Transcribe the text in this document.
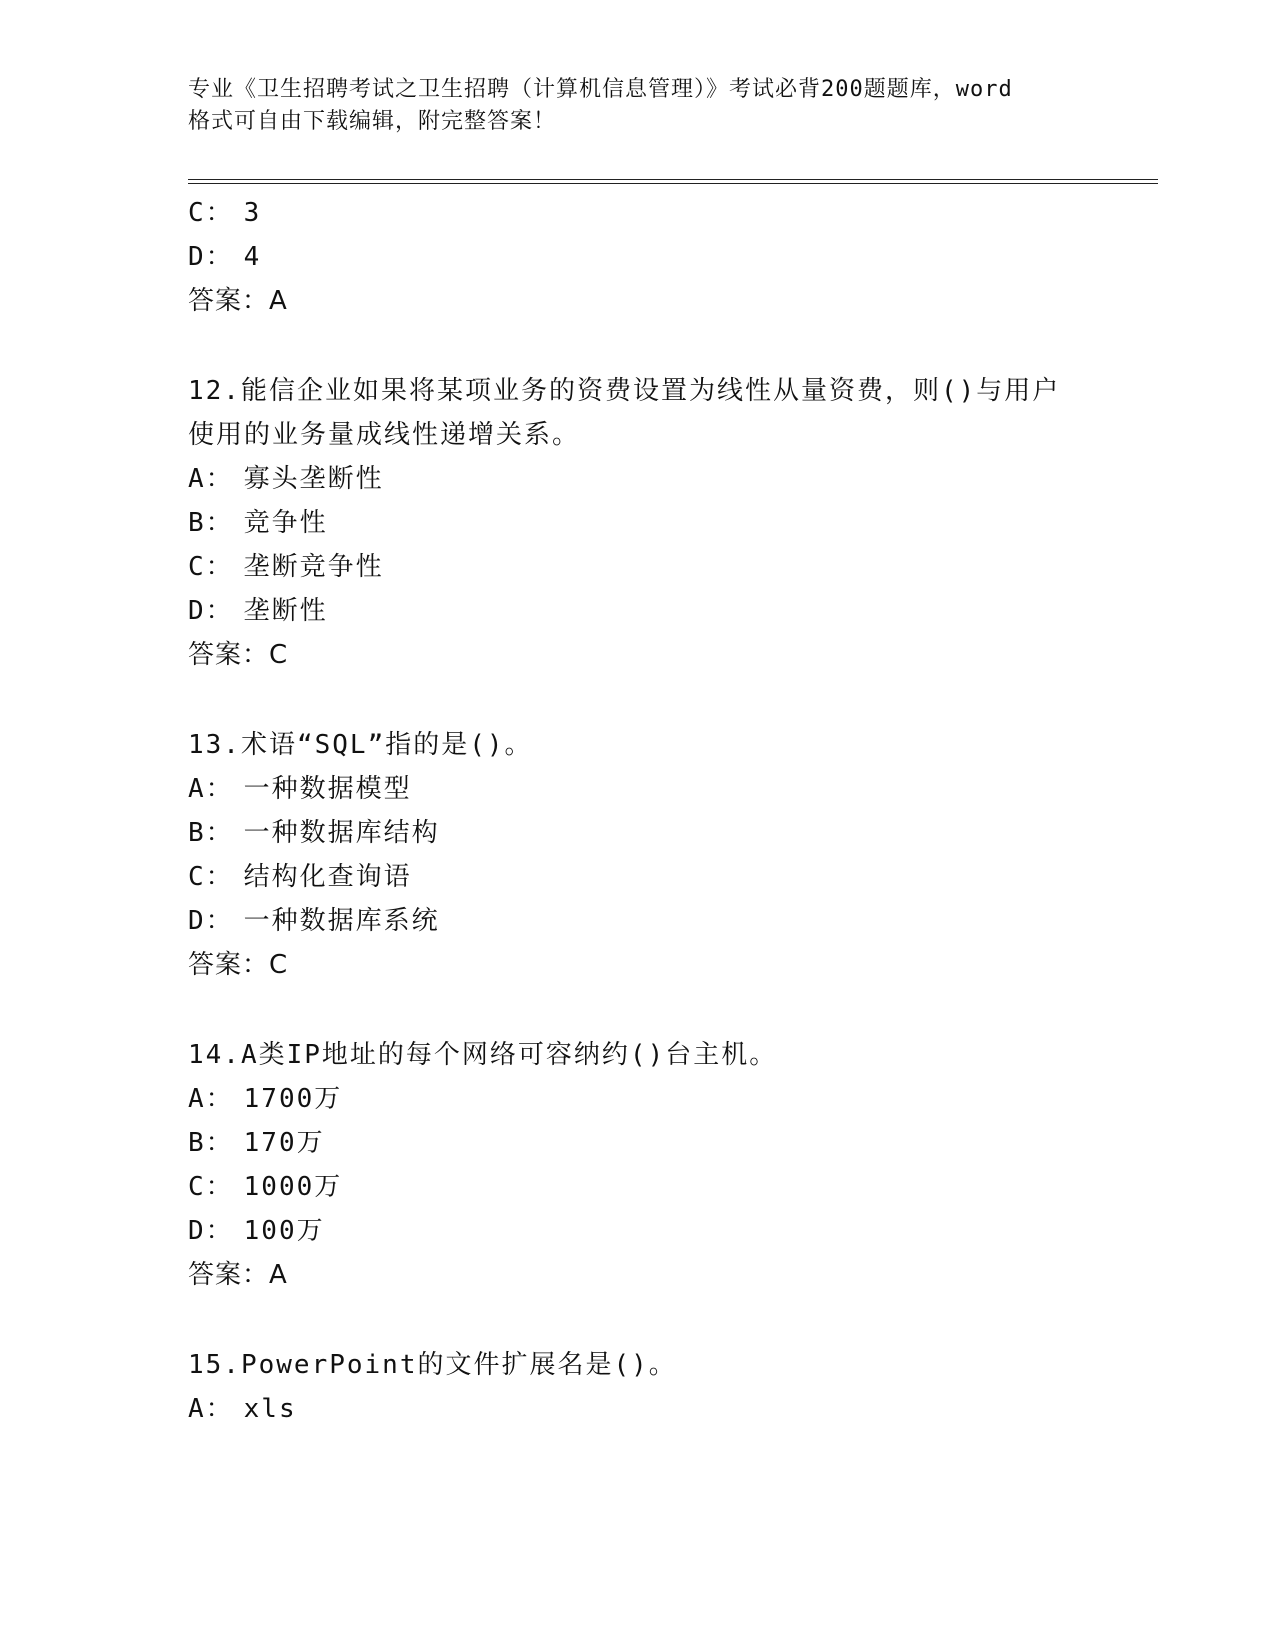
专业《卫生招聘考试之卫生招聘（计算机信息管理）》考试必背200题题库，word
格式可自由下载编辑，附完整答案！
C： 3
D： 4
答案：A
12.能信企业如果将某项业务的资费设置为线性从量资费，则()与用户
使用的业务量成线性递增关系。
A： 寡头垄断性
B： 竞争性
C： 垄断竞争性
D： 垄断性
答案：C
13.术语“SQL”指的是()。
A： 一种数据模型
B： 一种数据库结构
C： 结构化查询语
D： 一种数据库系统
答案：C
14.A类IP地址的每个网络可容纳约()台主机。
A： 1700万
B： 170万
C： 1000万
D： 100万
答案：A
15.PowerPoint的文件扩展名是()。
A： xls
